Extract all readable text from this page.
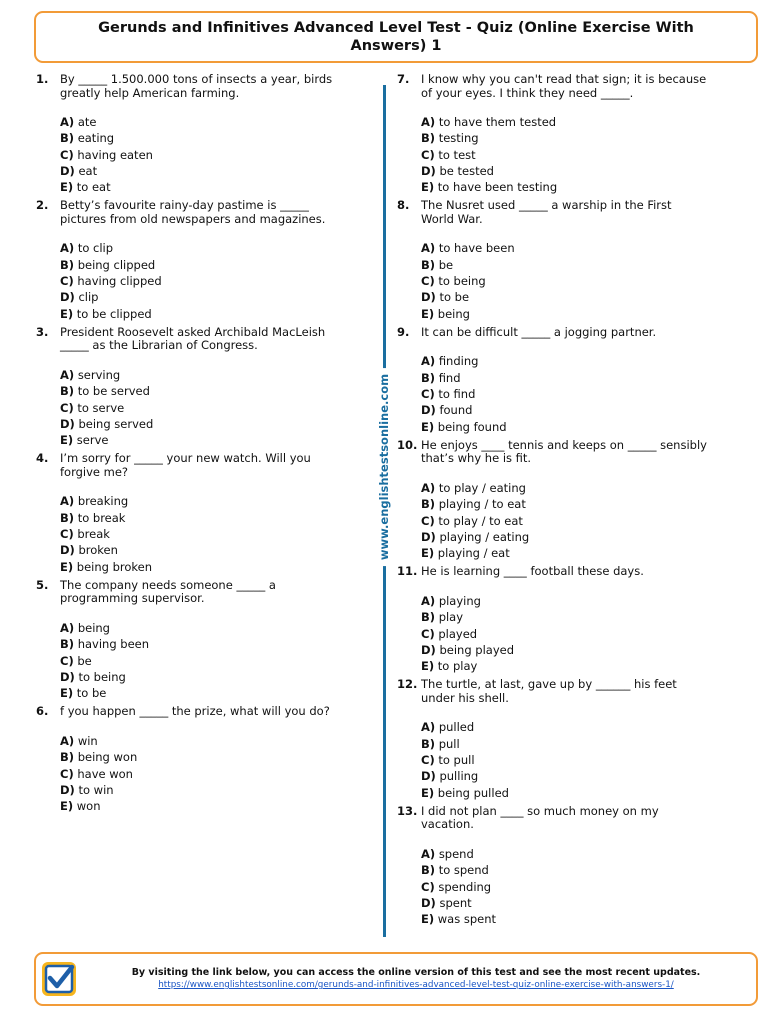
Gerunds and Infinitives Advanced Level Test - Quiz (Online Exercise With Answers) 1
1.	By _____ 1.500.000 tons of insects a year, birds greatly help American farming.
A) ate
B) eating
C) having eaten
D) eat
E) to eat
2.	Betty’s favourite rainy-day pastime is _____ pictures from old newspapers and magazines.
A) to clip
B) being clipped
C) having clipped
D) clip
E) to be clipped
3.	President Roosevelt asked Archibald MacLeish _____ as the Librarian of Congress.
A) serving
B) to be served
C) to serve
D) being served
E) serve
4.	I’m sorry for _____ your new watch. Will you forgive me?
A) breaking
B) to break
C) break
D) broken
E) being broken
5.	The company needs someone _____ a programming supervisor.
A) being
B) having been
C) be
D) to being
E) to be
6.	f you happen _____ the prize, what will you do?
A) win
B) being won
C) have won
D) to win
E) won
www.englishtestsonline.com
7.	I know why you can't read that sign; it is because of your eyes. I think they need _____.
A) to have them tested
B) testing
C) to test
D) be tested
E) to have been testing
8.	The Nusret used _____ a warship in the First World War.
A) to have been
B) be
C) to being
D) to be
E) being
9.	It can be difficult _____ a jogging partner.
A) finding
B) find
C) to find
D) found
E) being found
10. He enjoys ____ tennis and keeps on _____ sensibly that’s why he is fit.
A) to play / eating
B) playing / to eat
C) to play / to eat
D) playing / eating
E) playing / eat
11. He is learning ____ football these days.
A) playing
B) play
C) played
D) being played
E) to play
12. The turtle, at last, gave up by ______ his feet under his shell.
A) pulled
B) pull
C) to pull
D) pulling
E) being pulled
13. I did not plan ____ so much money on my vacation.
A) spend
B) to spend
C) spending
D) spent
E) was spent
By visiting the link below, you can access the online version of this test and see the most recent updates.
https://www.englishtestsonline.com/gerunds-and-infinitives-advanced-level-test-quiz-online-exercise-with-answers-1/
